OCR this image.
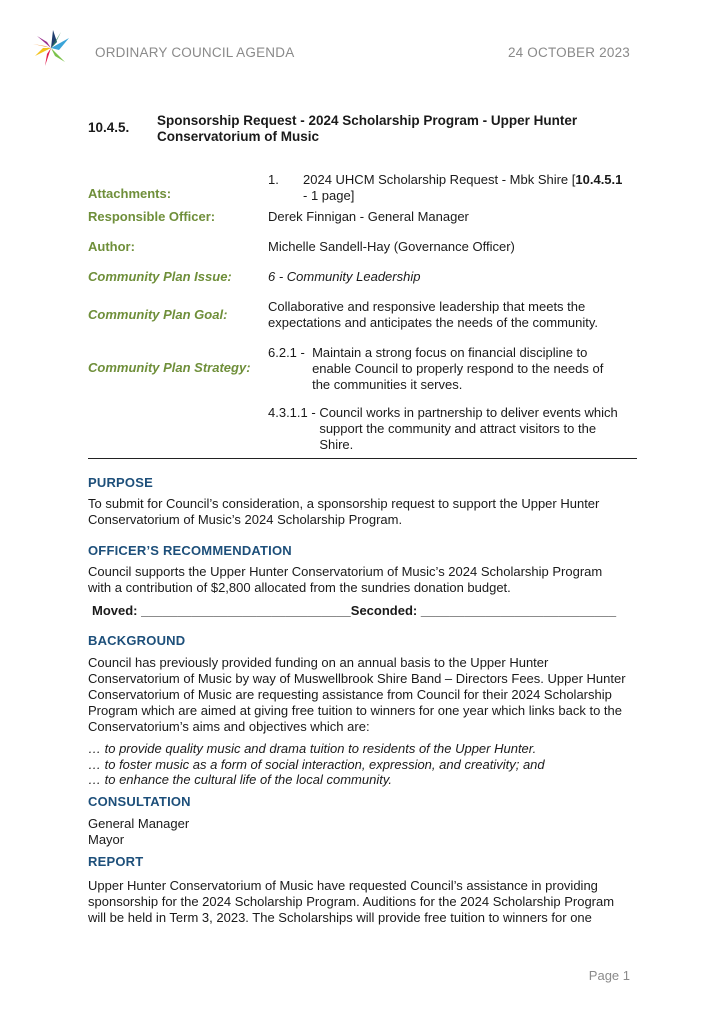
ORDINARY COUNCIL AGENDA	24 OCTOBER 2023
10.4.5. Sponsorship Request - 2024 Scholarship Program - Upper Hunter Conservatorium of Music
Attachments:
1.	2024 UHCM Scholarship Request - Mbk Shire [10.4.5.1
- 1 page]
Responsible Officer:	Derek Finnigan - General Manager
Author:	Michelle Sandell-Hay (Governance Officer)
Community Plan Issue:	6 - Community Leadership
Community Plan Goal:
Collaborative and responsive leadership that meets the expectations and anticipates the needs of the community.
Community Plan Strategy:
6.2.1 - Maintain a strong focus on financial discipline to enable Council to properly respond to the needs of the communities it serves.
4.3.1.1 - Council works in partnership to deliver events which support the community and attract visitors to the Shire.
PURPOSE
To submit for Council’s consideration, a sponsorship request to support the Upper Hunter Conservatorium of Music’s 2024 Scholarship Program.
OFFICER’S RECOMMENDATION
Council supports the Upper Hunter Conservatorium of Music’s 2024 Scholarship Program with a contribution of $2,800 allocated from the sundries donation budget.
Moved: _____________________________Seconded: ___________________________
BACKGROUND
Council has previously provided funding on an annual basis to the Upper Hunter Conservatorium of Music by way of Muswellbrook Shire Band – Directors Fees. Upper Hunter Conservatorium of Music are requesting assistance from Council for their 2024 Scholarship Program which are aimed at giving free tuition to winners for one year which links back to the Conservatorium’s aims and objectives which are:
… to provide quality music and drama tuition to residents of the Upper Hunter.
… to foster music as a form of social interaction, expression, and creativity; and
… to enhance the cultural life of the local community.
CONSULTATION
General Manager
Mayor
REPORT
Upper Hunter Conservatorium of Music have requested Council’s assistance in providing sponsorship for the 2024 Scholarship Program. Auditions for the 2024 Scholarship Program will be held in Term 3, 2023. The Scholarships will provide free tuition to winners for one
Page 1
